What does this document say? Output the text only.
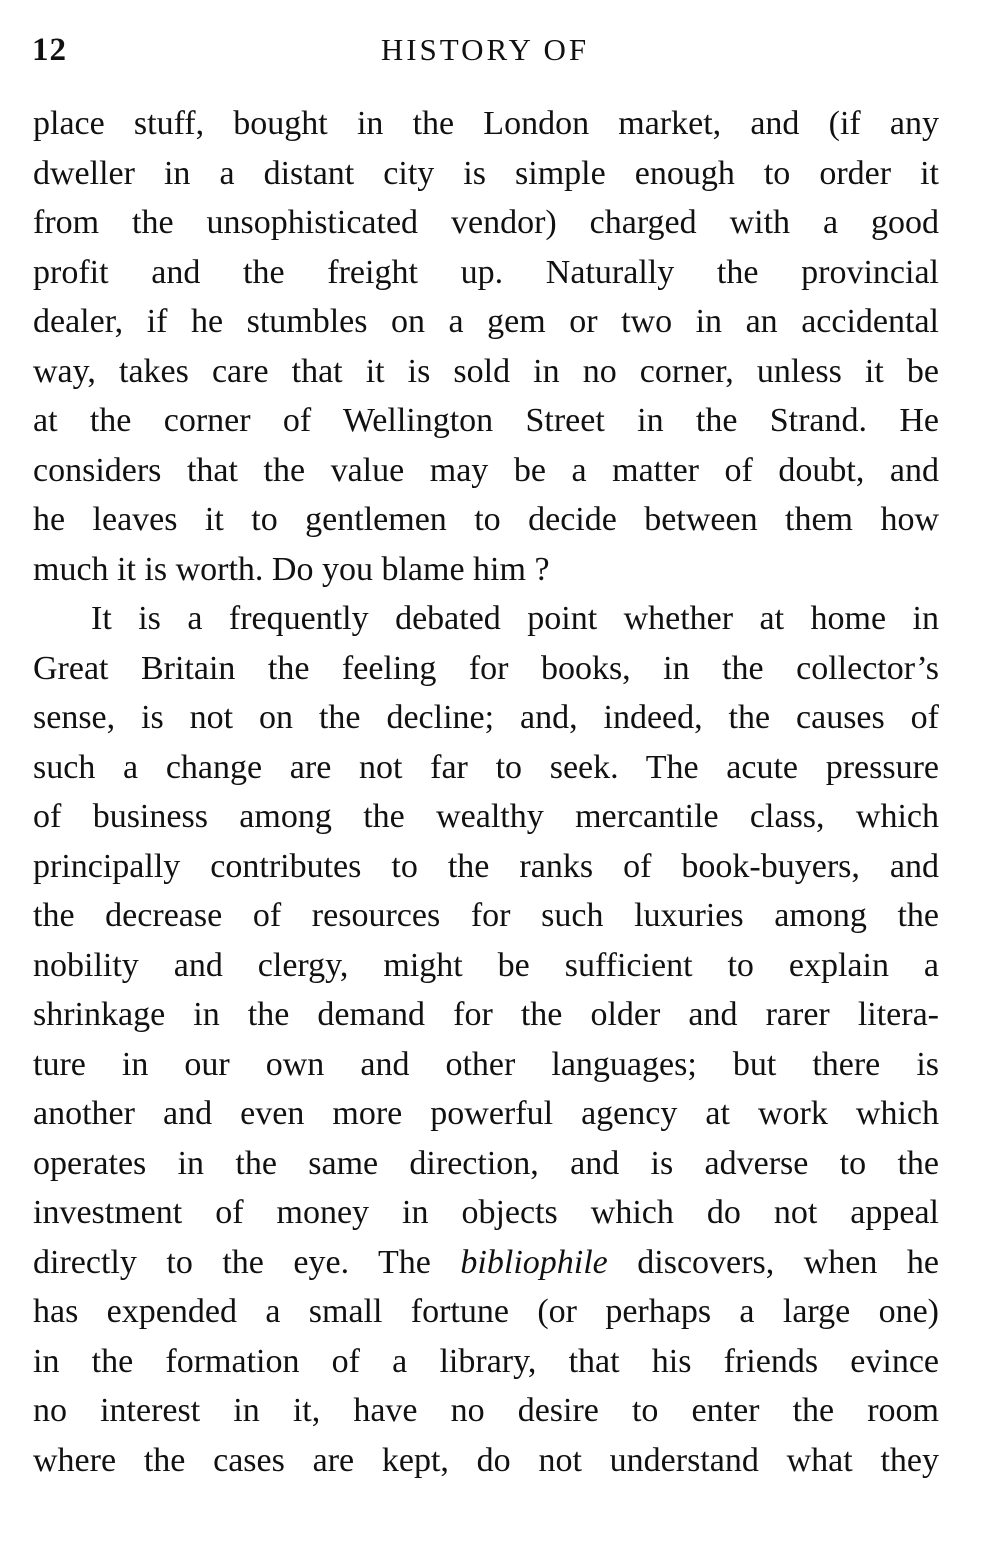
12	HISTORY OF
place stuff, bought in the London market, and (if any
dweller in a distant city is simple enough to order it
from the unsophisticated vendor) charged with a good
profit and the freight up. Naturally the provincial
dealer, if he stumbles on a gem or two in an accidental
way, takes care that it is sold in no corner, unless it be
at the corner of Wellington Street in the Strand. He
considers that the value may be a matter of doubt, and
he leaves it to gentlemen to decide between them how
much it is worth. Do you blame him ?
It is a frequently debated point whether at home in
Great Britain the feeling for books, in the collector’s
sense, is not on the decline; and, indeed, the causes of
such a change are not far to seek. The acute pressure
of business among the wealthy mercantile class, which
principally contributes to the ranks of book-buyers, and
the decrease of resources for such luxuries among the
nobility and clergy, might be sufficient to explain a
shrinkage in the demand for the older and rarer litera-
ture in our own and other languages; but there is
another and even more powerful agency at work which
operates in the same direction, and is adverse to the
investment of money in objects which do not appeal
directly to the eye. The bibliophile discovers, when he
has expended a small fortune (or perhaps a large one)
in the formation of a library, that his friends evince
no interest in it, have no desire to enter the room
where the cases are kept, do not understand what they
